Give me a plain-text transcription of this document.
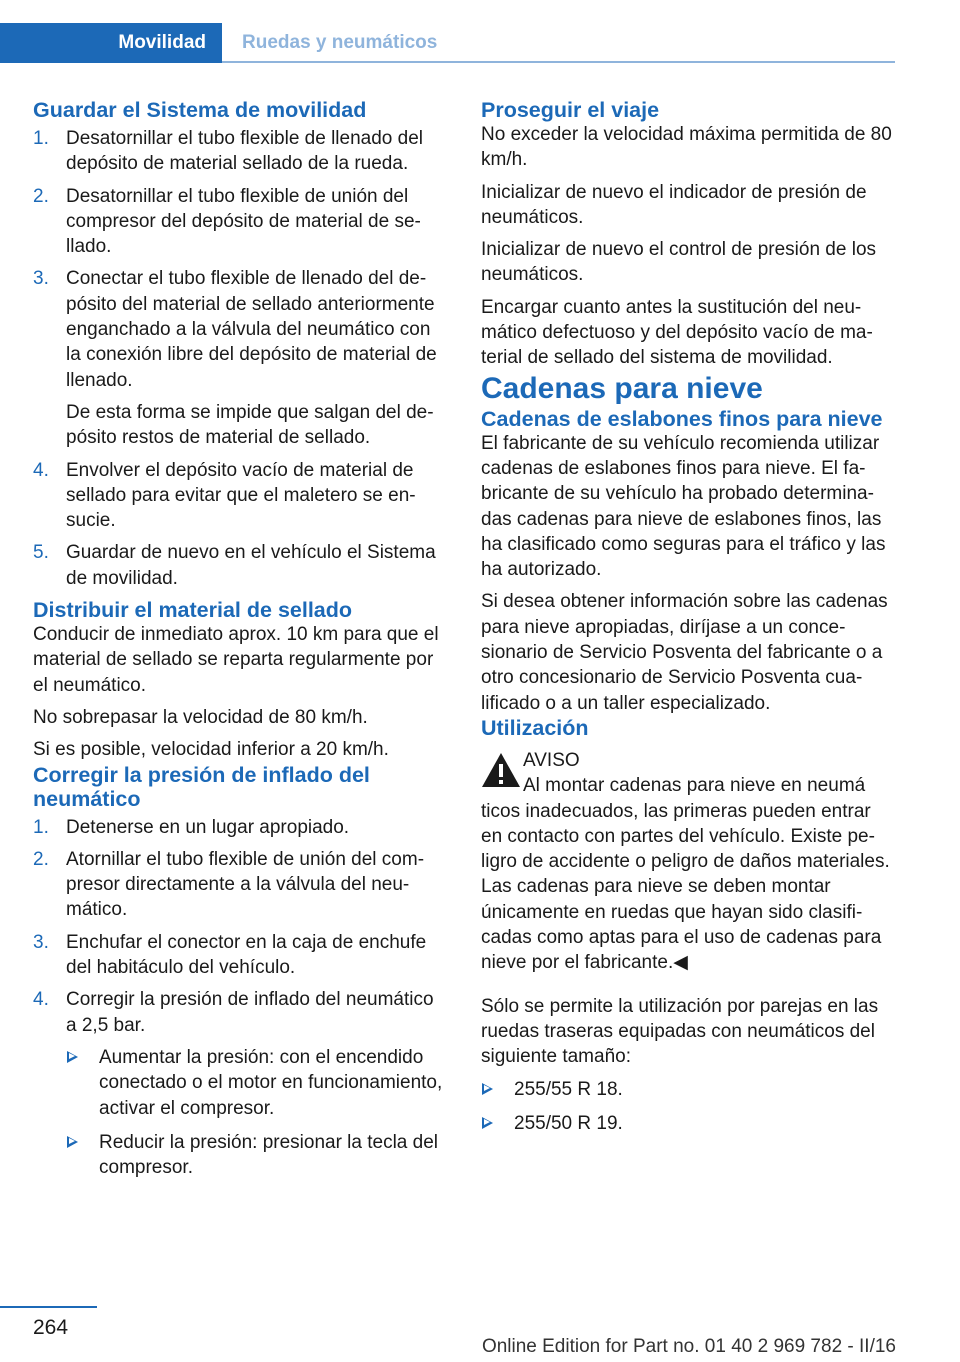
Movilidad	Ruedas y neumáticos
Guardar el Sistema de movilidad
1. Desatornillar el tubo flexible de llenado del depósito de material sellado de la rueda.
2. Desatornillar el tubo flexible de unión del compresor del depósito de material de sellado.
3. Conectar el tubo flexible de llenado del depósito del material de sellado anteriormente enganchado a la válvula del neumático con la conexión libre del depósito de material de llenado.
De esta forma se impide que salgan del depósito restos de material de sellado.
4. Envolver el depósito vacío de material de sellado para evitar que el maletero se ensucie.
5. Guardar de nuevo en el vehículo el Sistema de movilidad.
Distribuir el material de sellado

Conducir de inmediato aprox. 10 km para que el material de sellado se reparta regularmente por el neumático.

No sobrepasar la velocidad de 80 km/h.

Si es posible, velocidad inferior a 20 km/h.

Corregir la presión de inflado del neumático
1. Detenerse en un lugar apropiado.
2. Atornillar el tubo flexible de unión del compresor directamente a la válvula del neumático.
3. Enchufar el conector en la caja de enchufe del habitáculo del vehículo.
4. Corregir la presión de inflado del neumático a 2,5 bar.
Aumentar la presión: con el encendido conectado o el motor en funcionamiento, activar el compresor.
Reducir la presión: presionar la tecla del compresor.
Proseguir el viaje

No exceder la velocidad máxima permitida de 80 km/h.

Inicializar de nuevo el indicador de presión de neumáticos.

Inicializar de nuevo el control de presión de los neumáticos.

Encargar cuanto antes la sustitución del neumático defectuoso y del depósito vacío de material de sellado del sistema de movilidad.

Cadenas para nieve
Cadenas de eslabones finos para nieve

El fabricante de su vehículo recomienda utilizar cadenas de eslabones finos para nieve. El fabricante de su vehículo ha probado determinadas cadenas para nieve de eslabones finos, las ha clasificado como seguras para el tráfico y las ha autorizado.

Si desea obtener información sobre las cadenas para nieve apropiadas, diríjase a un concesionario de Servicio Posventa del fabricante o a otro concesionario de Servicio Posventa cualificado o a un taller especializado.

Utilización
AVISO
Al montar cadenas para nieve en neumá
ticos inadecuados, las primeras pueden entrar en contacto con partes del vehículo. Existe peligro de accidente o peligro de daños materiales. Las cadenas para nieve se deben montar únicamente en ruedas que hayan sido clasificadas como aptas para el uso de cadenas para nieve por el fabricante.◀

Sólo se permite la utilización por parejas en las ruedas traseras equipadas con neumáticos del siguiente tamaño:

255/55 R 18.
255/50 R 19.
264
Online Edition for Part no. 01 40 2 969 782 - II/16
